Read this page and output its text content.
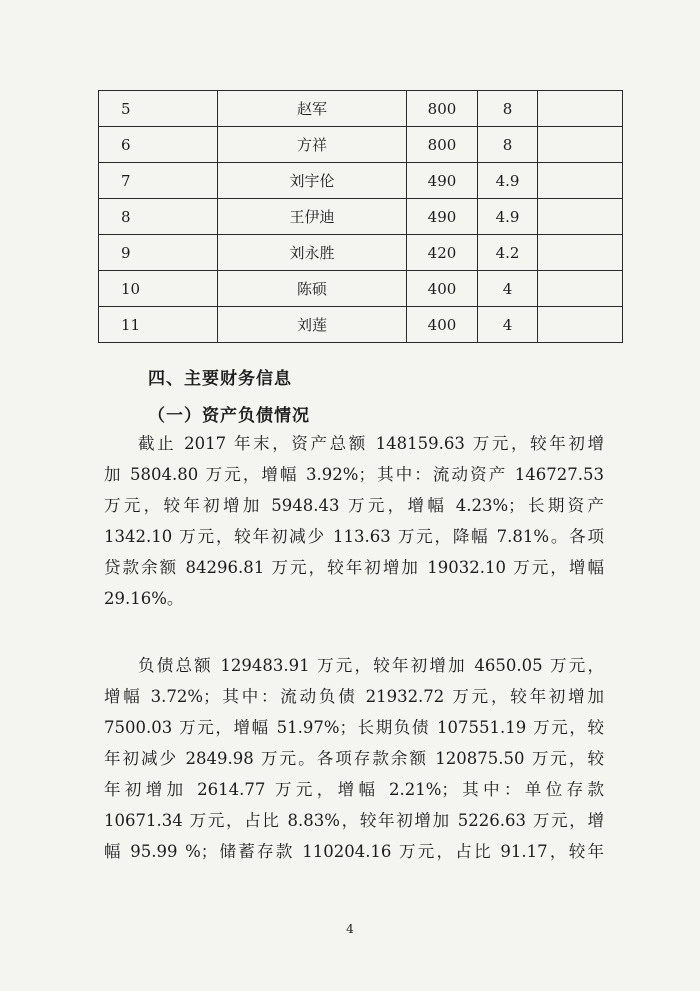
5	赵军	800	8	
6	方祥	800	8	
7	刘宇伦	490	4.9	
8	王伊迪	490	4.9	
9	刘永胜	420	4.2	
10	陈硕	400	4	
11	刘莲	400	4	
四、主要财务信息
（一）资产负债情况
截止 2017 年末，资产总额 148159.63 万元，较年初增
加 5804.80 万元，增幅 3.92%；其中：流动资产 146727.53
万元，较年初增加 5948.43 万元，增幅 4.23%；长期资产
1342.10 万元，较年初减少 113.63 万元，降幅 7.81%。各项
贷款余额 84296.81 万元，较年初增加 19032.10 万元，增幅
29.16%。
负债总额 129483.91 万元，较年初增加 4650.05 万元，
增幅 3.72%；其中：流动负债 21932.72 万元，较年初增加
7500.03 万元，增幅 51.97%；长期负债 107551.19 万元，较
年初减少 2849.98 万元。各项存款余额 120875.50 万元，较
年初增加 2614.77 万元，增幅 2.21%；其中：单位存款
10671.34 万元，占比 8.83%，较年初增加 5226.63 万元，增
幅 95.99 %；储蓄存款 110204.16 万元，占比 91.17，较年
4
